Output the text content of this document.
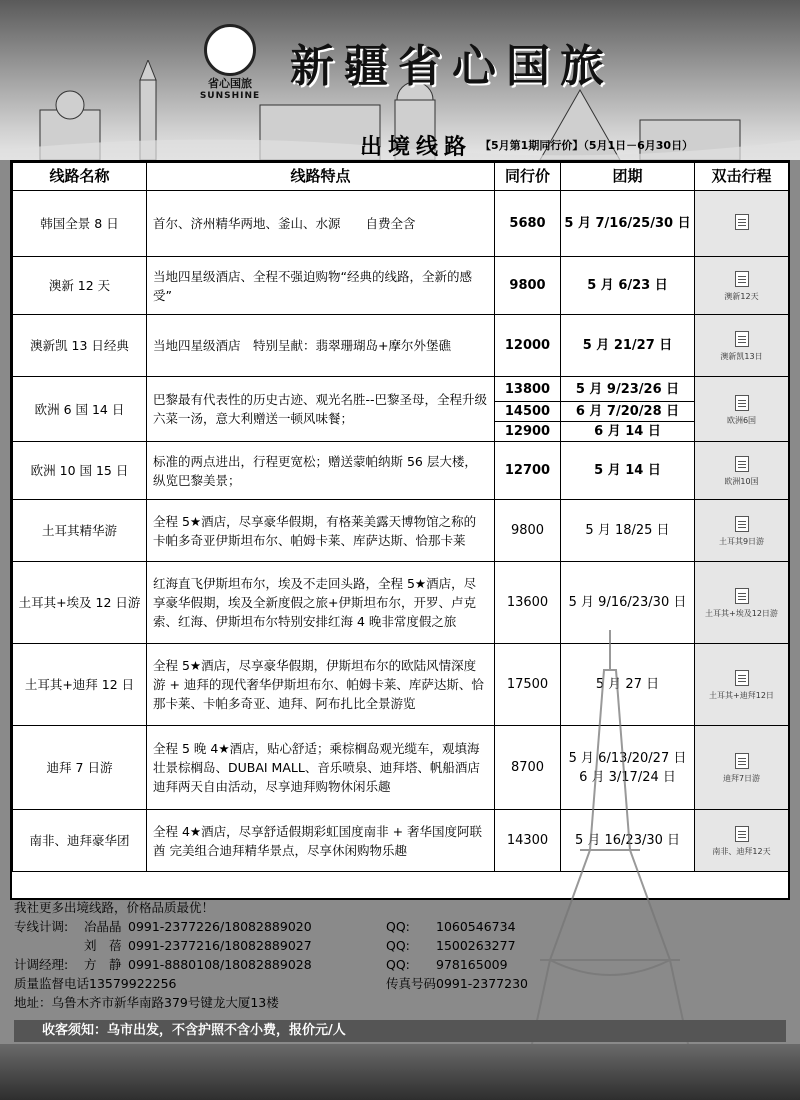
省心国旅
SUNSHINE
新疆省心国旅
出境线路 【5月第1期同行价】（5月1日－6月30日）
线路名称	线路特点	同行价	团期	双击行程
韩国全景 8 日	首尔、济州精华两地、釜山、水源　　自费全含	5680	5 月 7/16/25/30 日	
澳新 12 天	当地四星级酒店、全程不强迫购物“经典的线路，全新的感受”	9800	5 月 6/23 日	澳新12天

澳新凯 13 日经典	当地四星级酒店　特别呈献：翡翠珊瑚岛+摩尔外堡礁	12000	5 月 21/27 日	澳新凯13日

欧洲 6 国 14 日	巴黎最有代表性的历史古迹、观光名胜--巴黎圣母，全程升级六菜一汤，意大利赠送一顿风味餐；	13800	5 月 9/23/26 日	欧洲6国

		14500	6 月 7/20/28 日	
		12900	6 月 14 日	
欧洲 10 国 15 日	标准的两点进出，行程更宽松；赠送蒙帕纳斯 56 层大楼，纵览巴黎美景；	12700	5 月 14 日	欧洲10国

土耳其精华游	全程 5★酒店，尽享豪华假期，有格莱美露天博物馆之称的卡帕多奇亚伊斯坦布尔、帕姆卡莱、库萨达斯、恰那卡莱	9800	5 月 18/25 日	土耳其9日游

土耳其+埃及 12 日游	红海直飞伊斯坦布尔，埃及不走回头路，全程 5★酒店，尽享豪华假期，埃及全新度假之旅+伊斯坦布尔，开罗、卢克索、红海、伊斯坦布尔特别安排红海 4 晚非常度假之旅	13600	5 月 9/16/23/30 日	土耳其+埃及12日游

土耳其+迪拜 12 日	全程 5★酒店，尽享豪华假期，伊斯坦布尔的欧陆风情深度游 + 迪拜的现代奢华伊斯坦布尔、帕姆卡莱、库萨达斯、恰那卡莱、卡帕多奇亚、迪拜、阿布扎比全景游览	17500	5 月 27 日	土耳其+迪拜12日

迪拜 7 日游	全程 5 晚 4★酒店，贴心舒适；乘棕榈岛观光缆车，观填海壮景棕榈岛、DUBAI MALL、音乐喷泉、迪拜塔、帆船酒店迪拜两天自由活动，尽享迪拜购物休闲乐趣	8700	5 月 6/13/20/27 日
6 月 3/17/24 日	迪拜7日游

南非、迪拜豪华团	全程 4★酒店，尽享舒适假期彩虹国度南非 + 奢华国度阿联酋 完美组合迪拜精华景点，尽享休闲购物乐趣	14300	5 月 16/23/30 日	南非、迪拜12天
我社更多出境线路，价格品质最优！
专线计调:	冶晶晶 0991-2377226/18082889020	QQ:	1060546734
刘　蓓 0991-2377216/18082889027	QQ:	1500263277
计调经理:	方　静 0991-8880108/18082889028	QQ:	978165009
质量监督电话13579922256	传真号码0991-2377230
地址：乌鲁木齐市新华南路379号键龙大厦13楼
收客须知：乌市出发，不含护照不含小费，报价元/人
